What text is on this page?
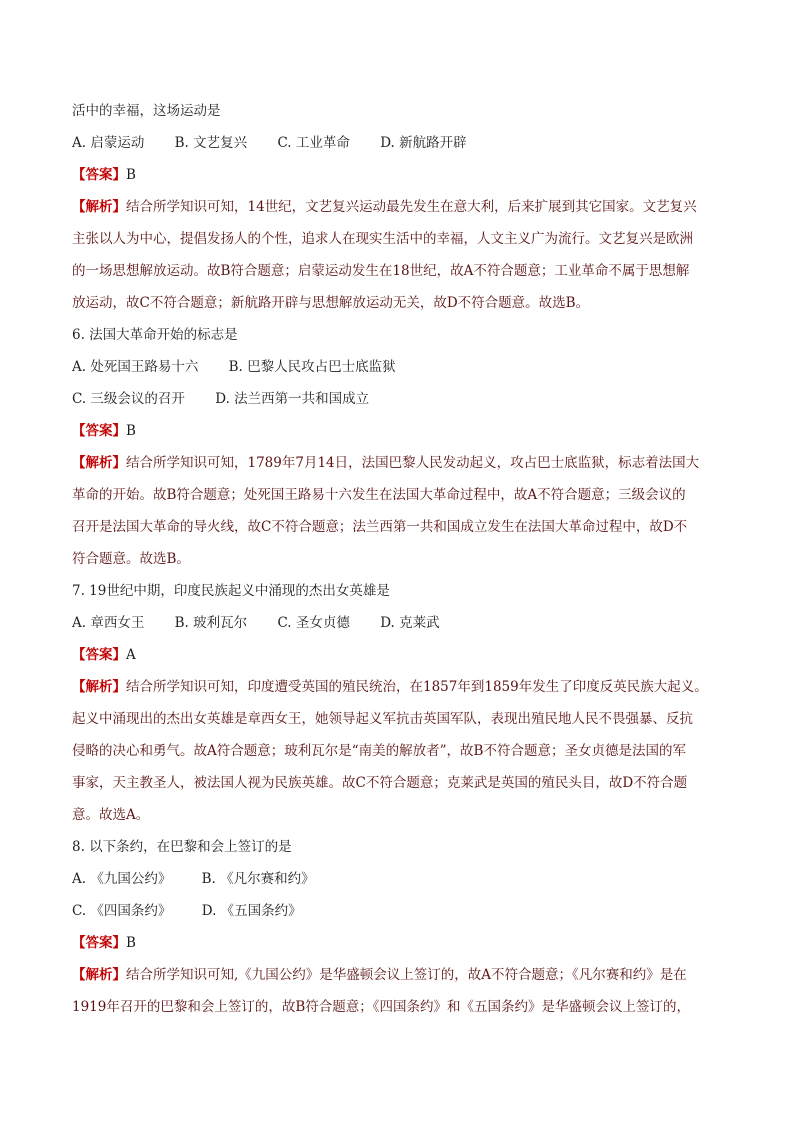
活中的幸福，这场运动是
A. 启蒙运动 B. 文艺复兴 C. 工业革命 D. 新航路开辟
【答案】B
【解析】结合所学知识可知，14世纪，文艺复兴运动最先发生在意大利，后来扩展到其它国家。文艺复兴
主张以人为中心，提倡发扬人的个性，追求人在现实生活中的幸福，人文主义广为流行。文艺复兴是欧洲
的一场思想解放运动。故B符合题意；启蒙运动发生在18世纪，故A不符合题意；工业革命不属于思想解
放运动，故C不符合题意；新航路开辟与思想解放运动无关，故D不符合题意。故选B。
6. 法国大革命开始的标志是
A. 处死国王路易十六 B. 巴黎人民攻占巴士底监狱
C. 三级会议的召开 D. 法兰西第一共和国成立
【答案】B
【解析】结合所学知识可知，1789年7月14日，法国巴黎人民发动起义，攻占巴士底监狱，标志着法国大
革命的开始。故B符合题意；处死国王路易十六发生在法国大革命过程中，故A不符合题意；三级会议的
召开是法国大革命的导火线，故C不符合题意；法兰西第一共和国成立发生在法国大革命过程中，故D不
符合题意。故选B。
7. 19世纪中期，印度民族起义中涌现的杰出女英雄是
A. 章西女王 B. 玻利瓦尔 C. 圣女贞德 D. 克莱武
【答案】A
【解析】结合所学知识可知，印度遭受英国的殖民统治，在1857年到1859年发生了印度反英民族大起义。
起义中涌现出的杰出女英雄是章西女王，她领导起义军抗击英国军队，表现出殖民地人民不畏强暴、反抗
侵略的决心和勇气。故A符合题意；玻利瓦尔是“南美的解放者”，故B不符合题意；圣女贞德是法国的军
事家，天主教圣人，被法国人视为民族英雄。故C不符合题意；克莱武是英国的殖民头目，故D不符合题
意。故选A。
8. 以下条约，在巴黎和会上签订的是
A. 《九国公约》 B. 《凡尔赛和约》
C. 《四国条约》 D. 《五国条约》
【答案】B
【解析】结合所学知识可知,《九国公约》是华盛顿会议上签订的，故A不符合题意；《凡尔赛和约》是在
1919年召开的巴黎和会上签订的，故B符合题意；《四国条约》和《五国条约》是华盛顿会议上签订的，
